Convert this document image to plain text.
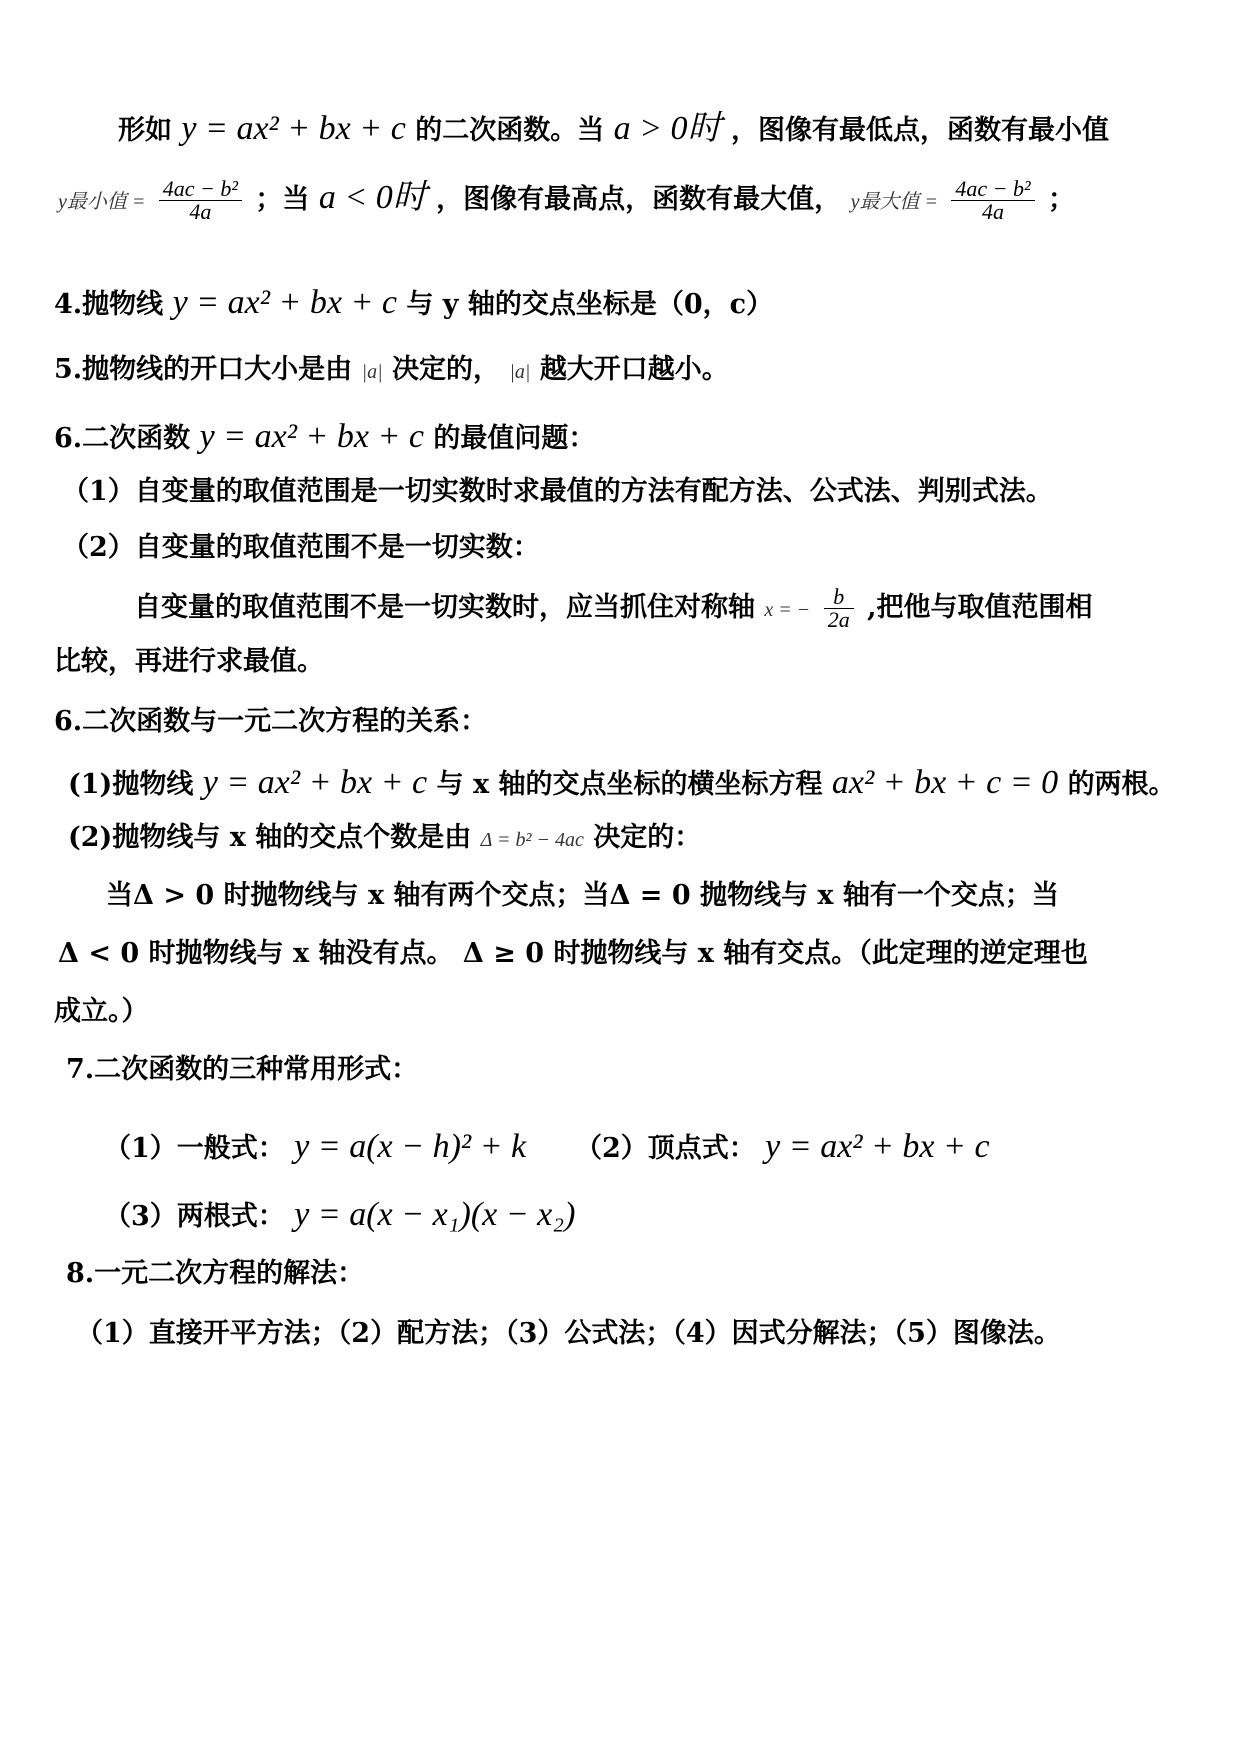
形如 y = ax² + bx + c 的二次函数。当 a > 0时 ，图像有最低点，函数有最小值
y最小值 = $\frac{\text{4ac − b²}}{4a}$ ；当 a < 0时 ，图像有最高点，函数有最大值， y最大值 = $\frac{\text{4ac − b²}}{4a}$ ；
4.抛物线 y = ax² + bx + c 与 y 轴的交点坐标是（0，c）
5.抛物线的开口大小是由 |a| 决定的， |a| 越大开口越小。
6.二次函数 y = ax² + bx + c 的最值问题：
（1）自变量的取值范围是一切实数时求最值的方法有配方法、公式法、判别式法。
（2）自变量的取值范围不是一切实数：
自变量的取值范围不是一切实数时，应当抓住对称轴 x = − $\frac{b}{2a}$ ,把他与取值范围相
比较，再进行求最值。
6.二次函数与一元二次方程的关系：
(1)抛物线 y = ax² + bx + c 与 x 轴的交点坐标的横坐标方程 ax² + bx + c = 0 的两根。
(2)抛物线与 x 轴的交点个数是由 Δ = b² − 4ac 决定的：
当Δ > 0 时抛物线与 x 轴有两个交点；当Δ = 0 抛物线与 x 轴有一个交点；当
Δ < 0 时抛物线与 x 轴没有点。 Δ ≥ 0 时抛物线与 x 轴有交点。（此定理的逆定理也
成立。）
7.二次函数的三种常用形式：
（1）一般式： y = a(x − h)² + k （2）顶点式： y = ax² + bx + c
（3）两根式： y = a(x − x₁)(x − x₂)
8.一元二次方程的解法：
（1）直接开平方法；（2）配方法；（3）公式法；（4）因式分解法；（5）图像法。
